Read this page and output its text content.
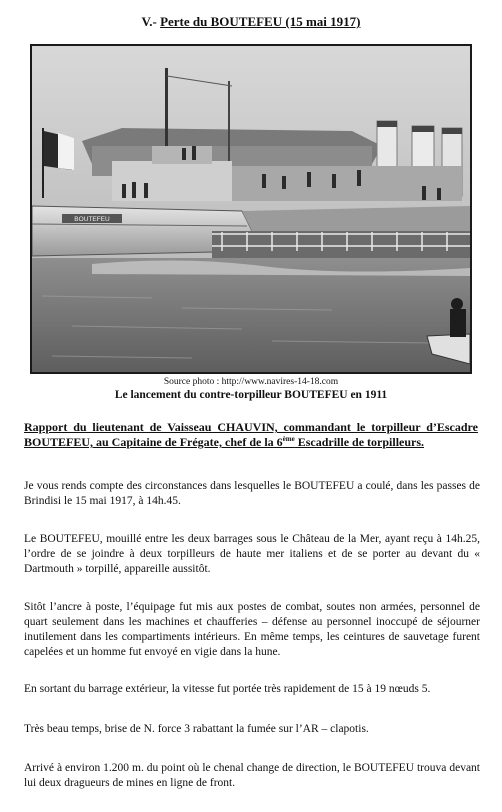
V.- Perte du BOUTEFEU (15 mai 1917)
BOUTEFEU
Source photo : http://www.navires-14-18.com
Le lancement du contre-torpilleur BOUTEFEU en 1911
Rapport du lieutenant de Vaisseau CHAUVIN, commandant le torpilleur d’Escadre BOUTEFEU, au Capitaine de Frégate, chef de la 6ème Escadrille de torpilleurs.

Je vous rends compte des circonstances dans lesquelles le BOUTEFEU a coulé, dans les passes de Brindisi le 15 mai 1917, à 14h.45.

Le BOUTEFEU, mouillé entre les deux barrages sous le Château de la Mer, ayant reçu à 14h.25, l’ordre de se joindre à deux torpilleurs de haute mer italiens et de se porter au devant du « Dartmouth » torpillé, appareille aussitôt.

Sitôt l’ancre à poste, l’équipage fut mis aux postes de combat, soutes non armées, personnel de quart seulement dans les machines et chaufferies – défense au personnel inoccupé de séjourner inutilement dans les compartiments intérieurs. En même temps, les ceintures de sauvetage furent capelées et un homme fut envoyé en vigie dans la hune.

En sortant du barrage extérieur, la vitesse fut portée très rapidement de 15 à 19 nœuds 5.

Très beau temps, brise de N. force 3 rabattant la fumée sur l’AR – clapotis.

Arrivé à environ 1.200 m. du point où le chenal change de direction, le BOUTEFEU trouva devant lui deux dragueurs de mines en ligne de front.
